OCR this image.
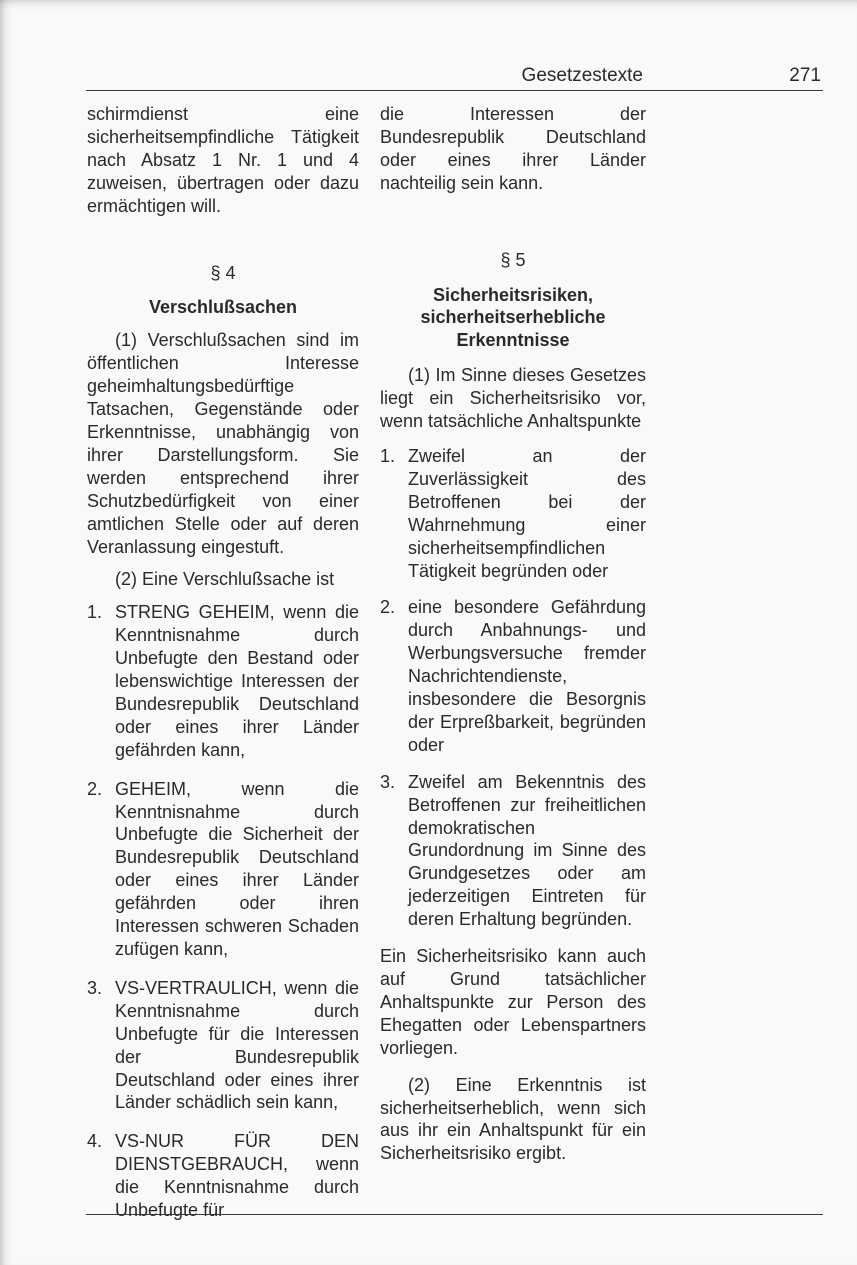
Gesetzestexte	271

schirmdienst eine sicherheitsempfindliche Tätigkeit nach Absatz 1 Nr. 1 und 4 zuweisen, übertragen oder dazu ermächtigen will.

§ 4

Verschlußsachen

(1) Verschlußsachen sind im öffentlichen Interesse geheimhaltungsbedürftige Tatsachen, Gegenstände oder Erkenntnisse, unabhängig von ihrer Darstellungsform. Sie werden entsprechend ihrer Schutzbedürfigkeit von einer amtlichen Stelle oder auf deren Veranlassung eingestuft.

(2) Eine Verschlußsache ist

1. STRENG GEHEIM, wenn die Kenntnisnahme durch Unbefugte den Bestand oder lebenswichtige Interessen der Bundesrepublik Deutschland oder eines ihrer Länder gefährden kann,
2. GEHEIM, wenn die Kenntnisnahme durch Unbefugte die Sicherheit der Bundesrepublik Deutschland oder eines ihrer Länder gefährden oder ihren Interessen schweren Schaden zufügen kann,
3. VS-VERTRAULICH, wenn die Kenntnisnahme durch Unbefugte für die Interessen der Bundesrepublik Deutschland oder eines ihrer Länder schädlich sein kann,
4. VS-NUR FÜR DEN DIENSTGEBRAUCH, wenn die Kenntnisnahme durch Unbefugte für

die Interessen der Bundesrepublik Deutschland oder eines ihrer Länder nachteilig sein kann.

§ 5

Sicherheitsrisiken,
sicherheitserhebliche
Erkenntnisse

(1) Im Sinne dieses Gesetzes liegt ein Sicherheitsrisiko vor, wenn tatsächliche Anhaltspunkte

1. Zweifel an der Zuverlässigkeit des Betroffenen bei der Wahrnehmung einer sicherheitsempfindlichen Tätigkeit begründen oder
2. eine besondere Gefährdung durch Anbahnungs- und Werbungsversuche fremder Nachrichtendienste, insbesondere die Besorgnis der Erpreßbarkeit, begründen oder
3. Zweifel am Bekenntnis des Betroffenen zur freiheitlichen demokratischen Grundordnung im Sinne des Grundgesetzes oder am jederzeitigen Eintreten für deren Erhaltung begründen.

Ein Sicherheitsrisiko kann auch auf Grund tatsächlicher Anhaltspunkte zur Person des Ehegatten oder Lebenspartners vorliegen.

(2) Eine Erkenntnis ist sicherheitserheblich, wenn sich aus ihr ein Anhaltspunkt für ein Sicherheitsrisiko ergibt.
